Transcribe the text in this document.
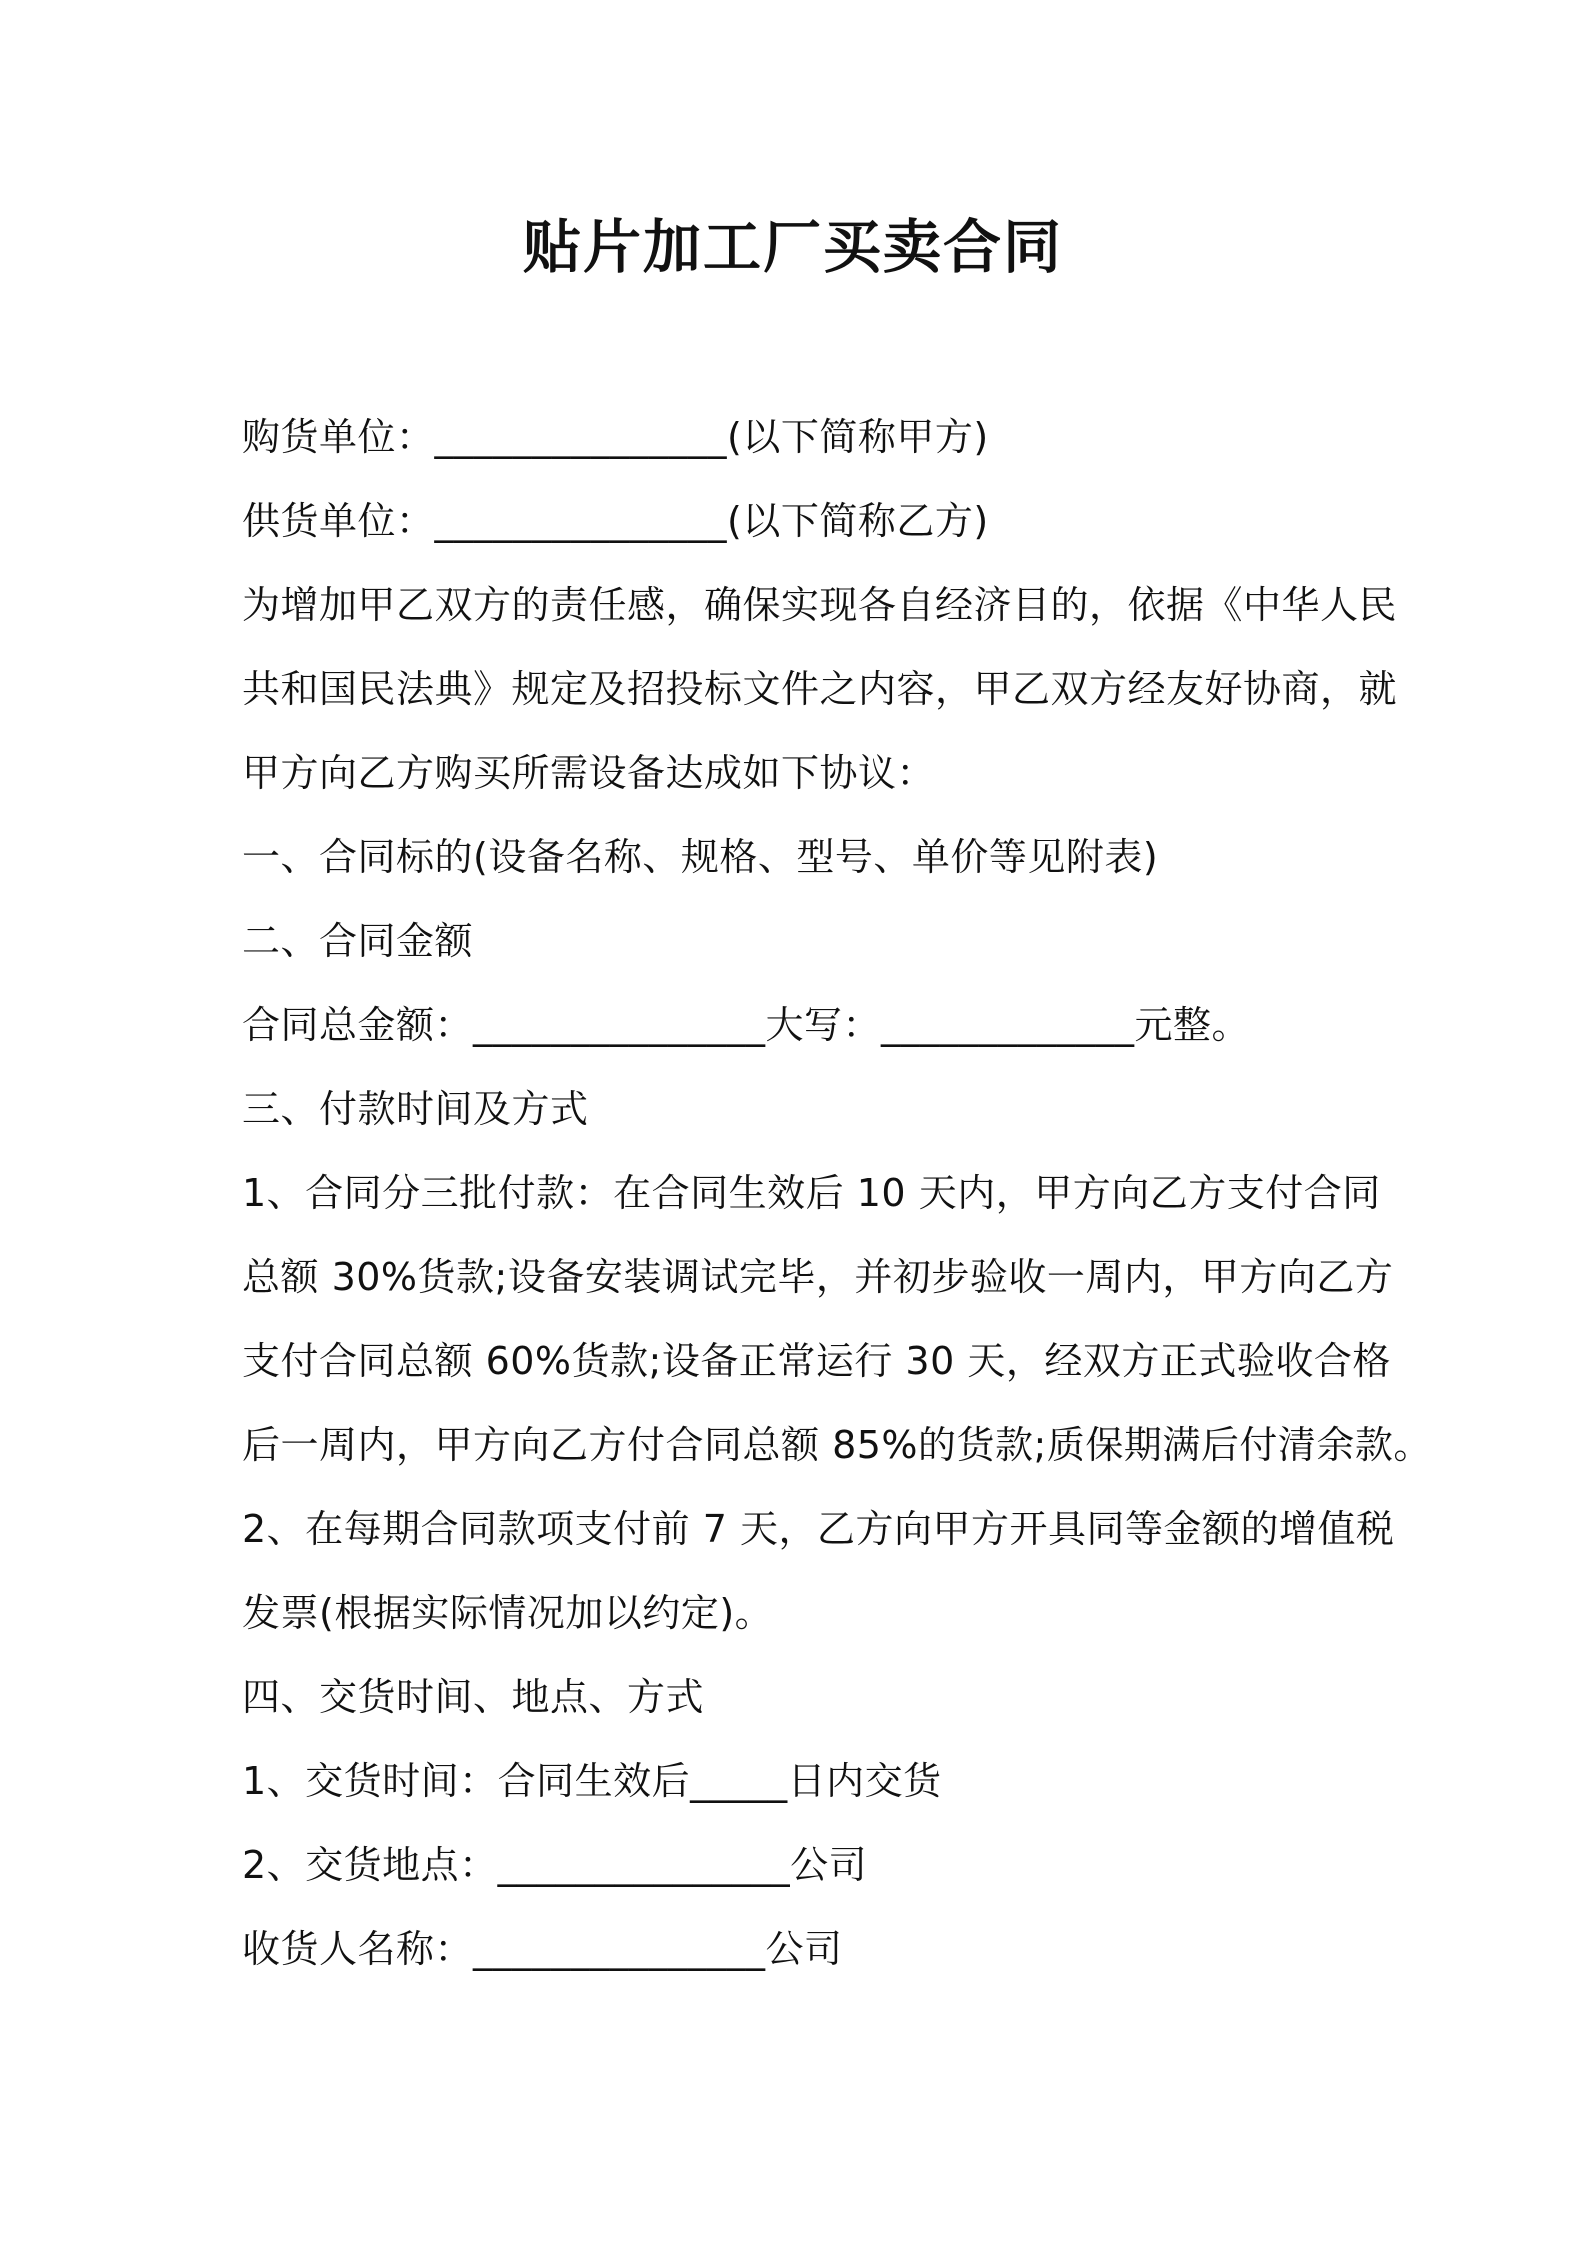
贴片加工厂买卖合同
购货单位：_______________(以下简称甲方)
供货单位：_______________(以下简称乙方)
为增加甲乙双方的责任感，确保实现各自经济目的，依据《中华人民
共和国民法典》规定及招投标文件之内容，甲乙双方经友好协商，就
甲方向乙方购买所需设备达成如下协议：
一、合同标的(设备名称、规格、型号、单价等见附表)
二、合同金额
合同总金额：_______________大写：_____________元整。
三、付款时间及方式
1、合同分三批付款：在合同生效后 10 天内，甲方向乙方支付合同
总额 30%货款;设备安装调试完毕，并初步验收一周内，甲方向乙方
支付合同总额 60%货款;设备正常运行 30 天，经双方正式验收合格
后一周内，甲方向乙方付合同总额 85%的货款;质保期满后付清余款。
2、在每期合同款项支付前 7 天，乙方向甲方开具同等金额的增值税
发票(根据实际情况加以约定)。
四、交货时间、地点、方式
1、交货时间：合同生效后_____日内交货
2、交货地点：_______________公司
收货人名称：_______________公司
